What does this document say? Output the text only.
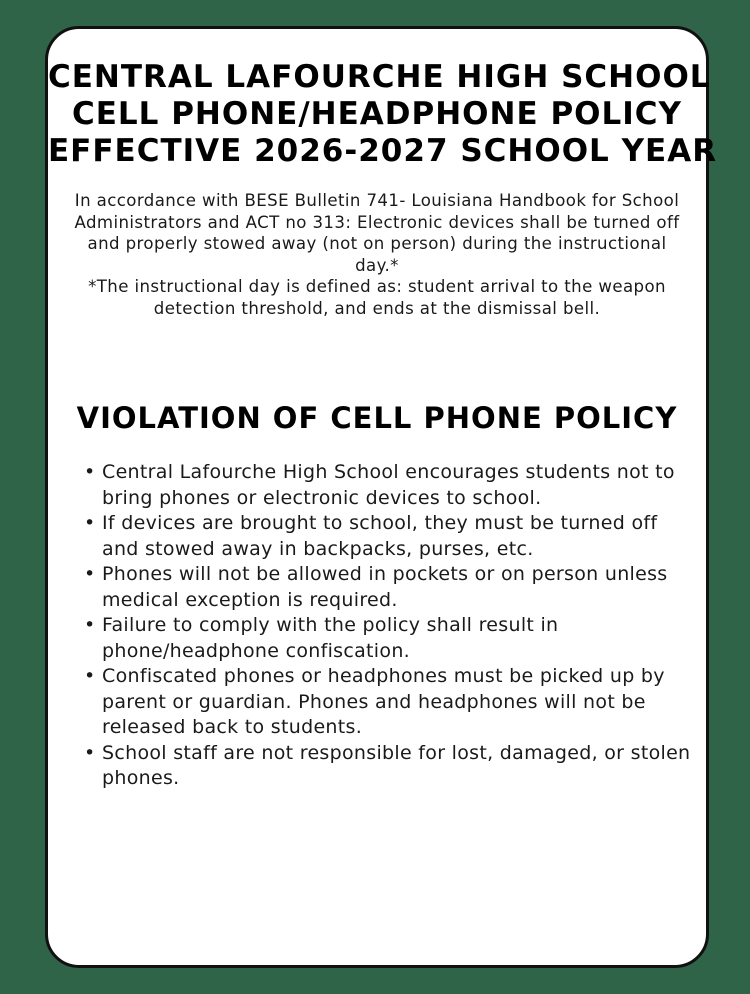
CENTRAL LAFOURCHE HIGH SCHOOL
CELL PHONE/HEADPHONE POLICY
EFFECTIVE 2026-2027 SCHOOL YEAR

In accordance with BESE Bulletin 741- Louisiana Handbook for School Administrators and ACT no 313: Electronic devices shall be turned off and properly stowed away (not on person) during the instructional day.*

*The instructional day is defined as: student arrival to the weapon detection threshold, and ends at the dismissal bell.

VIOLATION OF CELL PHONE POLICY
• Central Lafourche High School encourages students not to bring phones or electronic devices to school.
• If devices are brought to school, they must be turned off and stowed away in backpacks, purses, etc.
• Phones will not be allowed in pockets or on person unless medical exception is required.
• Failure to comply with the policy shall result in phone/headphone confiscation.
• Confiscated phones or headphones must be picked up by parent or guardian. Phones and headphones will not be released back to students.
• School staff are not responsible for lost, damaged, or stolen phones.
